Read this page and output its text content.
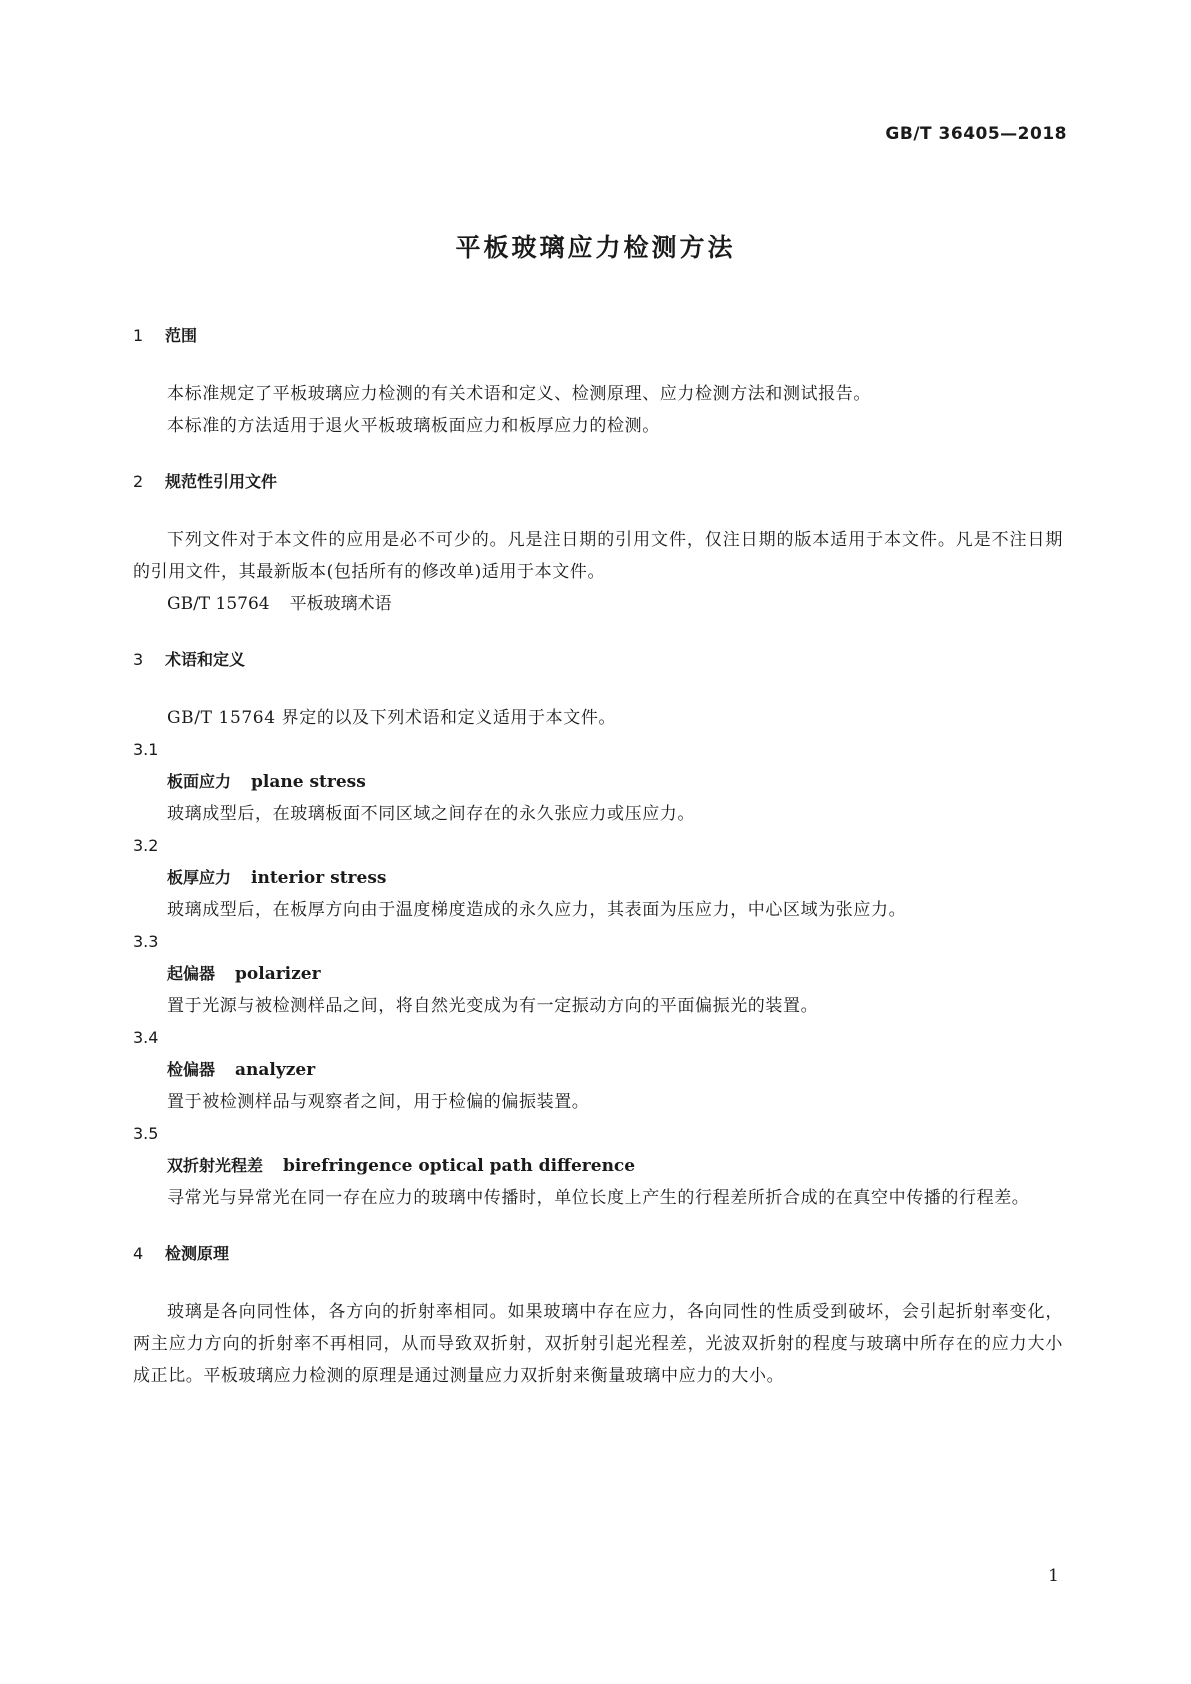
GB/T 36405—2018

平板玻璃应力检测方法
1 范围

本标准规定了平板玻璃应力检测的有关术语和定义、检测原理、应力检测方法和测试报告。

本标准的方法适用于退火平板玻璃板面应力和板厚应力的检测。

2 规范性引用文件

下列文件对于本文件的应用是必不可少的。凡是注日期的引用文件，仅注日期的版本适用于本文件。凡是不注日期的引用文件，其最新版本(包括所有的修改单)适用于本文件。

GB/T 15764 平板玻璃术语

3 术语和定义

GB/T 15764 界定的以及下列术语和定义适用于本文件。

3.1

板面应力 plane stress

玻璃成型后，在玻璃板面不同区域之间存在的永久张应力或压应力。

3.2

板厚应力 interior stress

玻璃成型后，在板厚方向由于温度梯度造成的永久应力，其表面为压应力，中心区域为张应力。

3.3

起偏器 polarizer

置于光源与被检测样品之间，将自然光变成为有一定振动方向的平面偏振光的装置。

3.4

检偏器 analyzer

置于被检测样品与观察者之间，用于检偏的偏振装置。

3.5

双折射光程差 birefringence optical path difference

寻常光与异常光在同一存在应力的玻璃中传播时，单位长度上产生的行程差所折合成的在真空中传播的行程差。

4 检测原理

玻璃是各向同性体，各方向的折射率相同。如果玻璃中存在应力，各向同性的性质受到破坏，会引起折射率变化，两主应力方向的折射率不再相同，从而导致双折射，双折射引起光程差，光波双折射的程度与玻璃中所存在的应力大小成正比。平板玻璃应力检测的原理是通过测量应力双折射来衡量玻璃中应力的大小。

1
